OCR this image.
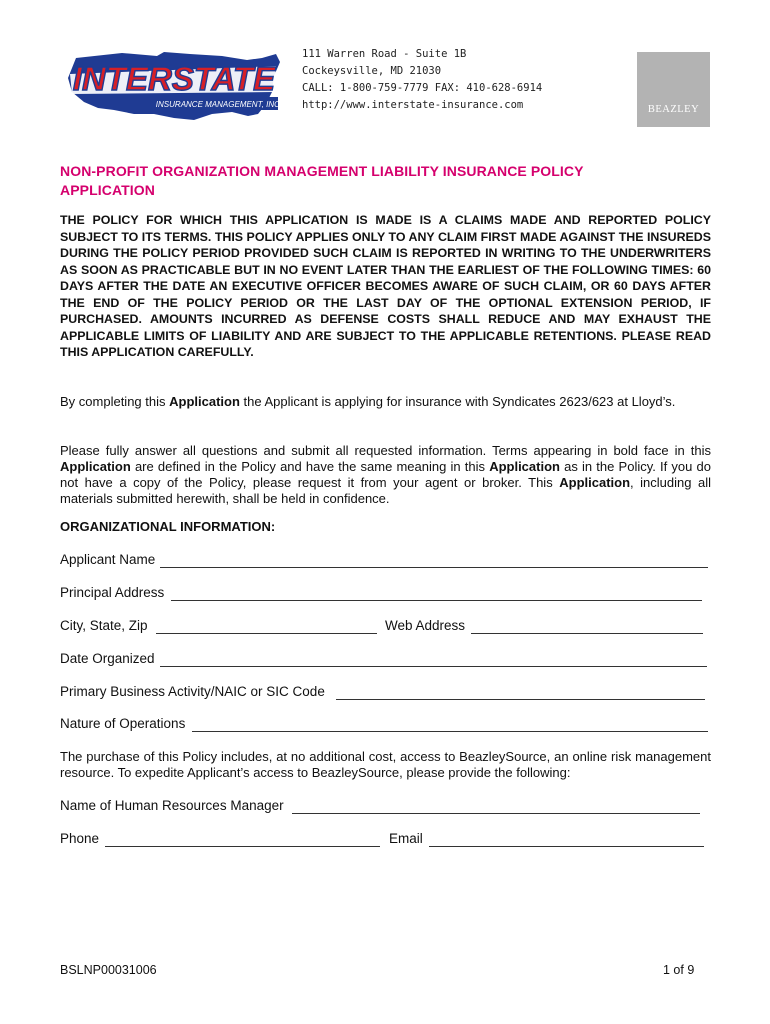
INTERSTATE
INSURANCE MANAGEMENT, INC.
111 Warren Road - Suite 1B
Cockeysville, MD 21030
CALL: 1-800-759-7779 FAX: 410-628-6914
http://www.interstate-insurance.com	BEAZLEY
NON-PROFIT ORGANIZATION MANAGEMENT LIABILITY INSURANCE POLICY APPLICATION
THE POLICY FOR WHICH THIS APPLICATION IS MADE IS A CLAIMS MADE AND REPORTED POLICY SUBJECT TO ITS TERMS. THIS POLICY APPLIES ONLY TO ANY CLAIM FIRST MADE AGAINST THE INSUREDS DURING THE POLICY PERIOD PROVIDED SUCH CLAIM IS REPORTED IN WRITING TO THE UNDERWRITERS AS SOON AS PRACTICABLE BUT IN NO EVENT LATER THAN THE EARLIEST OF THE FOLLOWING TIMES: 60 DAYS AFTER THE DATE AN EXECUTIVE OFFICER BECOMES AWARE OF SUCH CLAIM, OR 60 DAYS AFTER THE END OF THE POLICY PERIOD OR THE LAST DAY OF THE OPTIONAL EXTENSION PERIOD, IF PURCHASED. AMOUNTS INCURRED AS DEFENSE COSTS SHALL REDUCE AND MAY EXHAUST THE APPLICABLE LIMITS OF LIABILITY AND ARE SUBJECT TO THE APPLICABLE RETENTIONS. PLEASE READ THIS APPLICATION CAREFULLY.
By completing this Application the Applicant is applying for insurance with Syndicates 2623/623 at Lloyd’s.
Please fully answer all questions and submit all requested information. Terms appearing in bold face in this Application are defined in the Policy and have the same meaning in this Application as in the Policy. If you do not have a copy of the Policy, please request it from your agent or broker. This Application, including all materials submitted herewith, shall be held in confidence.
ORGANIZATIONAL INFORMATION:
Applicant Name
Principal Address
City, State, Zip	Web Address
Date Organized
Primary Business Activity/NAIC or SIC Code
Nature of Operations
The purchase of this Policy includes, at no additional cost, access to BeazleySource, an online risk management resource. To expedite Applicant’s access to BeazleySource, please provide the following:
Name of Human Resources Manager
Phone	Email
BSLNP00031006	1 of 9
